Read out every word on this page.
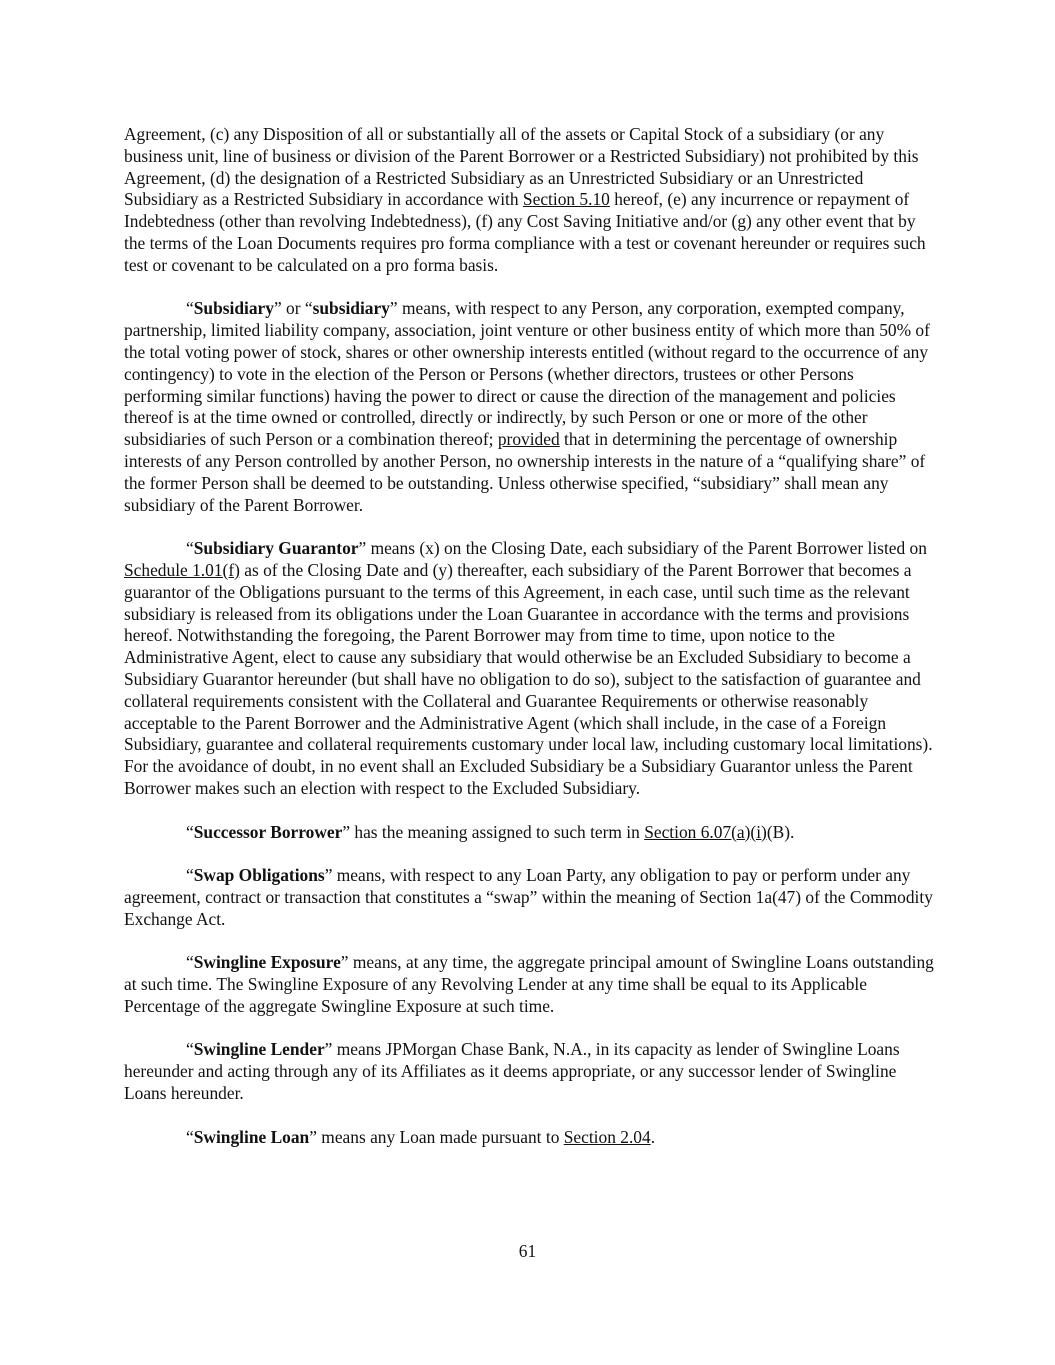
Agreement, (c) any Disposition of all or substantially all of the assets or Capital Stock of a subsidiary (or any business unit, line of business or division of the Parent Borrower or a Restricted Subsidiary) not prohibited by this Agreement, (d) the designation of a Restricted Subsidiary as an Unrestricted Subsidiary or an Unrestricted Subsidiary as a Restricted Subsidiary in accordance with Section 5.10 hereof, (e) any incurrence or repayment of Indebtedness (other than revolving Indebtedness), (f) any Cost Saving Initiative and/or (g) any other event that by the terms of the Loan Documents requires pro forma compliance with a test or covenant hereunder or requires such test or covenant to be calculated on a pro forma basis.

“Subsidiary” or “subsidiary” means, with respect to any Person, any corporation, exempted company, partnership, limited liability company, association, joint venture or other business entity of which more than 50% of the total voting power of stock, shares or other ownership interests entitled (without regard to the occurrence of any contingency) to vote in the election of the Person or Persons (whether directors, trustees or other Persons performing similar functions) having the power to direct or cause the direction of the management and policies thereof is at the time owned or controlled, directly or indirectly, by such Person or one or more of the other subsidiaries of such Person or a combination thereof; provided that in determining the percentage of ownership interests of any Person controlled by another Person, no ownership interests in the nature of a “qualifying share” of the former Person shall be deemed to be outstanding. Unless otherwise specified, “subsidiary” shall mean any subsidiary of the Parent Borrower.

“Subsidiary Guarantor” means (x) on the Closing Date, each subsidiary of the Parent Borrower listed on Schedule 1.01(f) as of the Closing Date and (y) thereafter, each subsidiary of the Parent Borrower that becomes a guarantor of the Obligations pursuant to the terms of this Agreement, in each case, until such time as the relevant subsidiary is released from its obligations under the Loan Guarantee in accordance with the terms and provisions hereof. Notwithstanding the foregoing, the Parent Borrower may from time to time, upon notice to the Administrative Agent, elect to cause any subsidiary that would otherwise be an Excluded Subsidiary to become a Subsidiary Guarantor hereunder (but shall have no obligation to do so), subject to the satisfaction of guarantee and collateral requirements consistent with the Collateral and Guarantee Requirements or otherwise reasonably acceptable to the Parent Borrower and the Administrative Agent (which shall include, in the case of a Foreign Subsidiary, guarantee and collateral requirements customary under local law, including customary local limitations). For the avoidance of doubt, in no event shall an Excluded Subsidiary be a Subsidiary Guarantor unless the Parent Borrower makes such an election with respect to the Excluded Subsidiary.

“Successor Borrower” has the meaning assigned to such term in Section 6.07(a)(i)(B).

“Swap Obligations” means, with respect to any Loan Party, any obligation to pay or perform under any agreement, contract or transaction that constitutes a “swap” within the meaning of Section 1a(47) of the Commodity Exchange Act.

“Swingline Exposure” means, at any time, the aggregate principal amount of Swingline Loans outstanding at such time. The Swingline Exposure of any Revolving Lender at any time shall be equal to its Applicable Percentage of the aggregate Swingline Exposure at such time.

“Swingline Lender” means JPMorgan Chase Bank, N.A., in its capacity as lender of Swingline Loans hereunder and acting through any of its Affiliates as it deems appropriate, or any successor lender of Swingline Loans hereunder.

“Swingline Loan” means any Loan made pursuant to Section 2.04.

61
